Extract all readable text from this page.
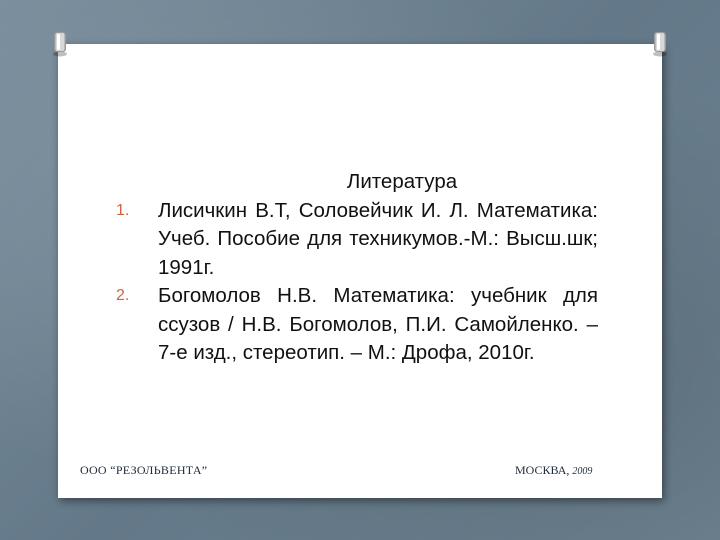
Литература

1.	Лисичкин В.Т, Соловейчик И. Л. Математика: Учеб. Пособие для техникумов.-М.: Высш.шк; 1991г.
2.	Богомолов Н.В. Математика: учебник для ссузов / Н.В. Богомолов, П.И. Самойленко. – 7-е изд., стереотип. – М.: Дрофа, 2010г.
ООО “РЕЗОЛЬВЕНТА”	МОСКВА, 2009
